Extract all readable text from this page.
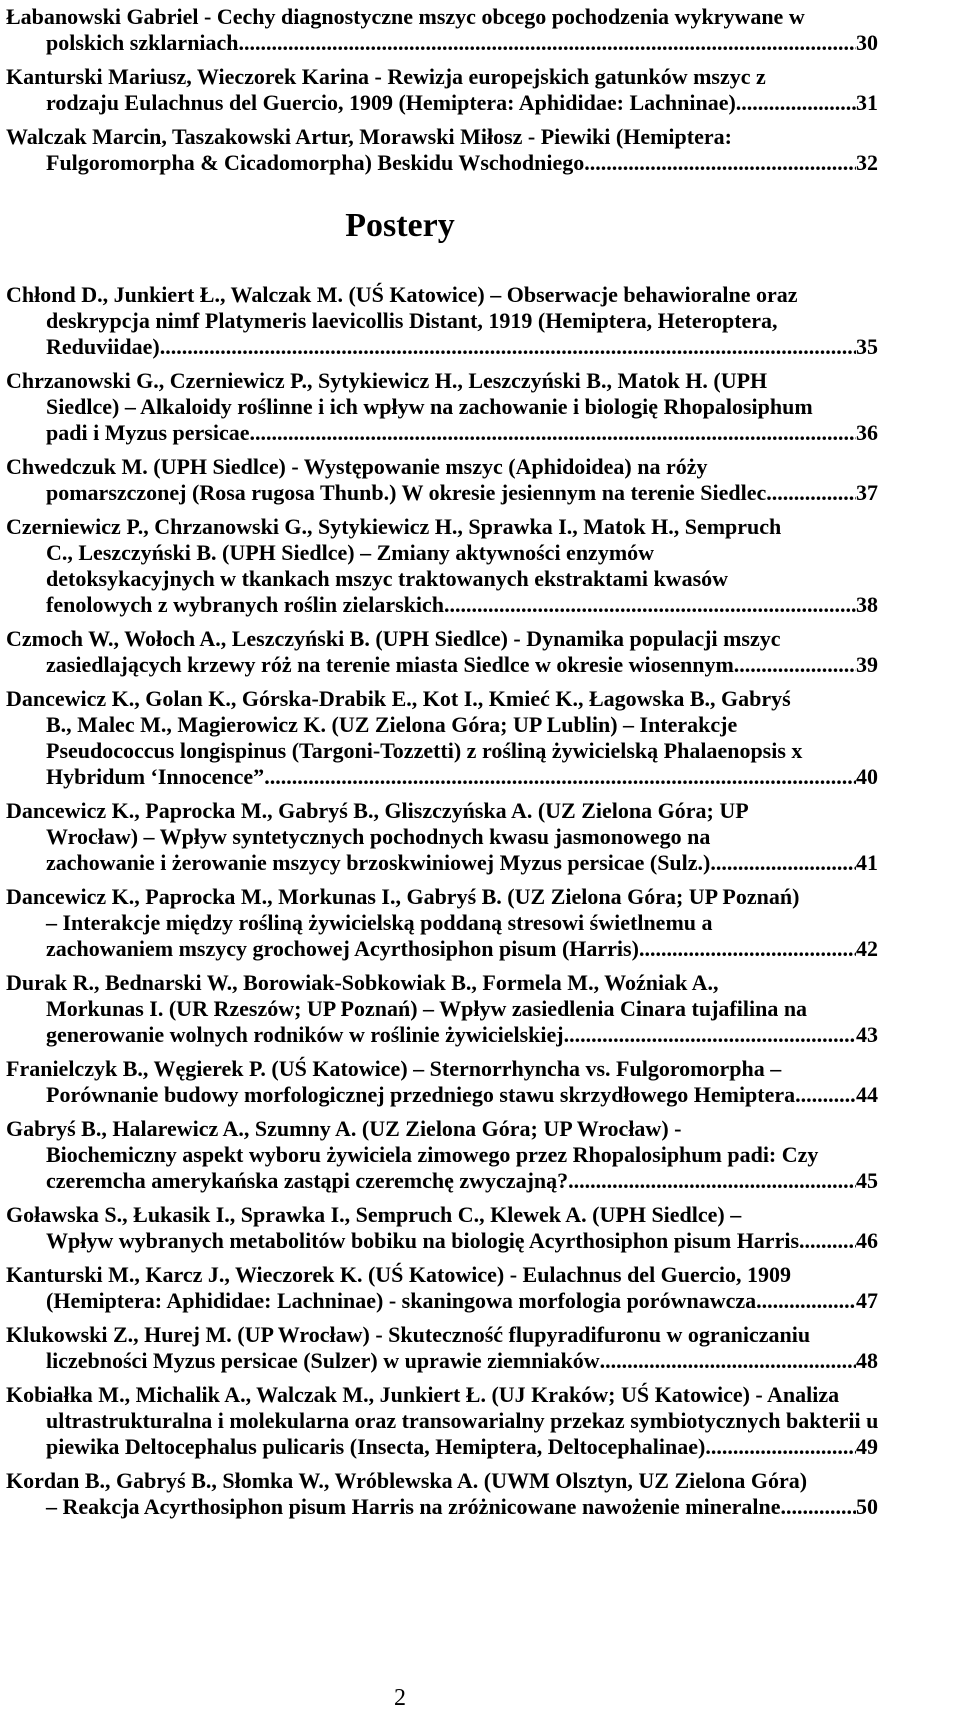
Łabanowski Gabriel - Cechy diagnostyczne mszyc obcego pochodzenia wykrywane w
polskich szklarniach .....	30
Kanturski Mariusz, Wieczorek Karina - Rewizja europejskich gatunków mszyc z
rodzaju Eulachnus del Guercio, 1909 (Hemiptera: Aphididae: Lachninae) .....	31
Walczak Marcin, Taszakowski Artur, Morawski Miłosz - Piewiki (Hemiptera:
Fulgoromorpha & Cicadomorpha) Beskidu Wschodniego .....	32
Postery
Chłond D., Junkiert Ł., Walczak M. (UŚ Katowice) – Obserwacje behawioralne oraz
deskrypcja nimf Platymeris laevicollis Distant, 1919 (Hemiptera, Heteroptera,
Reduviidae) .....	35
Chrzanowski G., Czerniewicz P., Sytykiewicz H., Leszczyński B., Matok H. (UPH
Siedlce) – Alkaloidy roślinne i ich wpływ na zachowanie i biologię Rhopalosiphum
padi i Myzus persicae .....	36
Chwedczuk M. (UPH Siedlce) - Występowanie mszyc (Aphidoidea) na róży
pomarszczonej (Rosa rugosa Thunb.) W okresie jesiennym na terenie Siedlec .....	37
Czerniewicz P., Chrzanowski G., Sytykiewicz H., Sprawka I., Matok H., Sempruch
C., Leszczyński B. (UPH Siedlce) – Zmiany aktywności enzymów
detoksykacyjnych w tkankach mszyc traktowanych ekstraktami kwasów
fenolowych z wybranych roślin zielarskich .....	38
Czmoch W., Wołoch A., Leszczyński B. (UPH Siedlce) - Dynamika populacji mszyc
zasiedlających krzewy róż na terenie miasta Siedlce w okresie wiosennym .....	39
Dancewicz K., Golan K., Górska-Drabik E., Kot I., Kmieć K., Łagowska B., Gabryś
B., Malec M., Magierowicz K. (UZ Zielona Góra; UP Lublin) – Interakcje
Pseudococcus longispinus (Targoni-Tozzetti) z rośliną żywicielską Phalaenopsis x
Hybridum ‘Innocence” .....	40
Dancewicz K., Paprocka M., Gabryś B., Gliszczyńska A. (UZ Zielona Góra; UP
Wrocław) – Wpływ syntetycznych pochodnych kwasu jasmonowego na
zachowanie i żerowanie mszycy brzoskwiniowej Myzus persicae (Sulz.) .....	41
Dancewicz K., Paprocka M., Morkunas I., Gabryś B. (UZ Zielona Góra; UP Poznań)
– Interakcje między rośliną żywicielską poddaną stresowi świetlnemu a
zachowaniem mszycy grochowej Acyrthosiphon pisum (Harris) .....	42
Durak R., Bednarski W., Borowiak-Sobkowiak B., Formela M., Woźniak A.,
Morkunas I. (UR Rzeszów; UP Poznań) – Wpływ zasiedlenia Cinara tujafilina na
generowanie wolnych rodników w roślinie żywicielskiej .....	43
Franielczyk B., Węgierek P. (UŚ Katowice) – Sternorrhyncha vs. Fulgoromorpha –
Porównanie budowy morfologicznej przedniego stawu skrzydłowego Hemiptera .....	44
Gabryś B., Halarewicz A., Szumny A. (UZ Zielona Góra; UP Wrocław) -
Biochemiczny aspekt wyboru żywiciela zimowego przez Rhopalosiphum padi: Czy
czeremcha amerykańska zastąpi czeremchę zwyczajną? .....	45
Goławska S., Łukasik I., Sprawka I., Sempruch C., Klewek A. (UPH Siedlce) –
Wpływ wybranych metabolitów bobiku na biologię Acyrthosiphon pisum Harris .....	46
Kanturski M., Karcz J., Wieczorek K. (UŚ Katowice) - Eulachnus del Guercio, 1909
(Hemiptera: Aphididae: Lachninae) - skaningowa morfologia porównawcza .....	47
Klukowski Z., Hurej M. (UP Wrocław) - Skuteczność flupyradifuronu w ograniczaniu
liczebności Myzus persicae (Sulzer) w uprawie ziemniaków .....	48
Kobiałka M., Michalik A., Walczak M., Junkiert Ł. (UJ Kraków; UŚ Katowice) - Analiza
ultrastrukturalna i molekularna oraz transowarialny przekaz symbiotycznych bakterii u
piewika Deltocephalus pulicaris (Insecta, Hemiptera, Deltocephalinae) .....	49
Kordan B., Gabryś B., Słomka W., Wróblewska A. (UWM Olsztyn, UZ Zielona Góra)
– Reakcja Acyrthosiphon pisum Harris na zróżnicowane nawożenie mineralne .....	50
2
